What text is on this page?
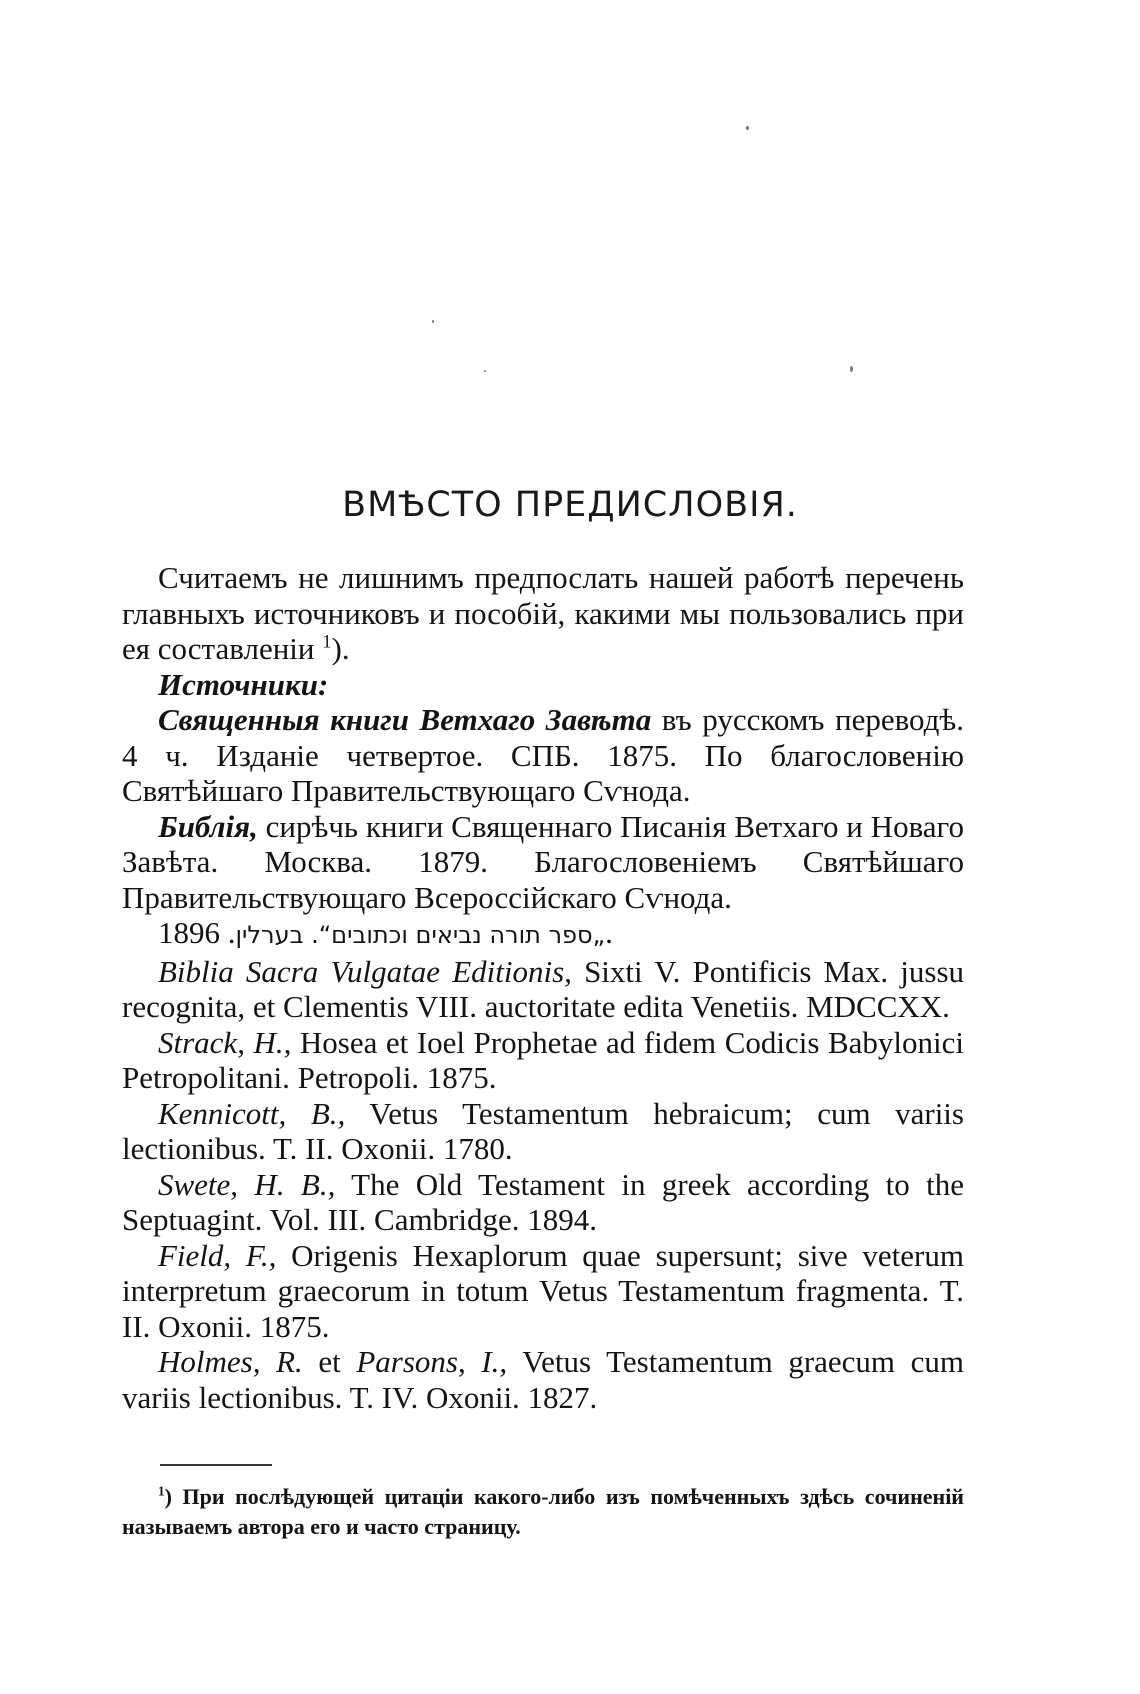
ВМѢСТО ПРЕДИСЛОВІЯ.

Считаемъ не лишнимъ предпослать нашей работѣ перечень главныхъ источниковъ и пособій, какими мы пользовались при ея составленіи $^1$).

Источники:

Священныя книги Ветхаго Завѣта въ русскомъ переводѣ. 4 ч. Изданіе четвертое. СПБ. 1875. По благословенію Святѣйшаго Правительствующаго Сѵнода.

Библія, сирѣчь книги Священнаго Писанія Ветхаго и Новаго Завѣта. Москва. 1879. Благословеніемъ Святѣйшаго Правительствующаго Всероссійскаго Сѵнода.

„ספר תורה נביאים וכתובים“. בערלין. 1896.

Biblia Sacra Vulgatae Editionis, Sixti V. Pontificis Max. jussu recognita, et Clementis VIII. auctoritate edita Venetiis. MDCCXX.

Strack, H., Hosea et Ioel Prophetae ad fidem Codicis Babylonici Petropolitani. Petropoli. 1875.

Kennicott, B., Vetus Testamentum hebraicum; cum variis lectionibus. T. II. Oxonii. 1780.

Swete, H. B., The Old Testament in greek according to the Septuagint. Vol. III. Cambridge. 1894.

Field, F., Origenis Hexaplorum quae supersunt; sive veterum interpretum graecorum in totum Vetus Testamentum fragmenta. T. II. Oxonii. 1875.

Holmes, R. et Parsons, I., Vetus Testamentum graecum cum variis lectionibus. T. IV. Oxonii. 1827.

$^1$) При послѣдующей цитаціи какого-либо изъ помѣченныхъ здѣсь сочиненій называемъ автора его и часто страницу.
